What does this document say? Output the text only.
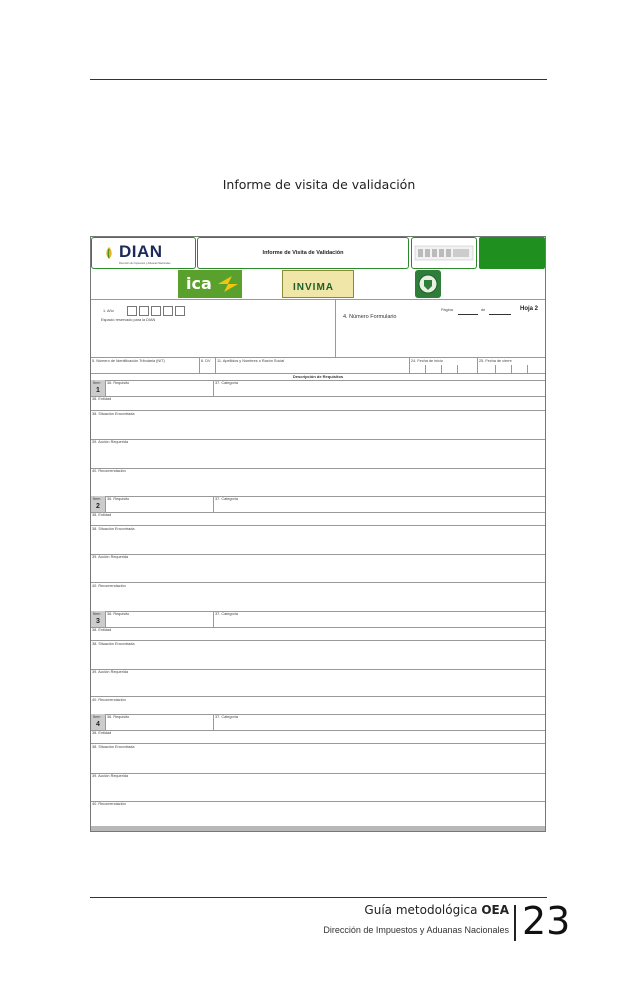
Informe de visita de validación
DIAN
Dirección de Impuestos y Aduanas Nacionales
Informe de Visita de Validación
ica	INVIMA
1. Año
Espacio reservado para la DIAN
Página	de	Hoja 2
4. Número Formulario
5. Número de Identificación Tributaria (NIT)	6. DV 11. Apellidos y Nombres o Razón Social	24. Fecha de inicio	25. Fecha de cierre
Descripción de Requisitos
Ítem
1
36. Requisito	37. Categoría
38. Entidad
38. Situación Encontrada
39. Acción Requerida
40. Recomendación
Ítem
2
36. Requisito	37. Categoría
38. Entidad
38. Situación Encontrada
39. Acción Requerida
40. Recomendación
Ítem
3
36. Requisito	37. Categoría
38. Entidad
38. Situación Encontrada
39. Acción Requerida
40. Recomendación
Ítem
4
36. Requisito	37. Categoría
38. Entidad
38. Situación Encontrada
39. Acción Requerida
40. Recomendación
Guía metodológica OEA
Dirección de Impuestos y Aduanas Nacionales 23
